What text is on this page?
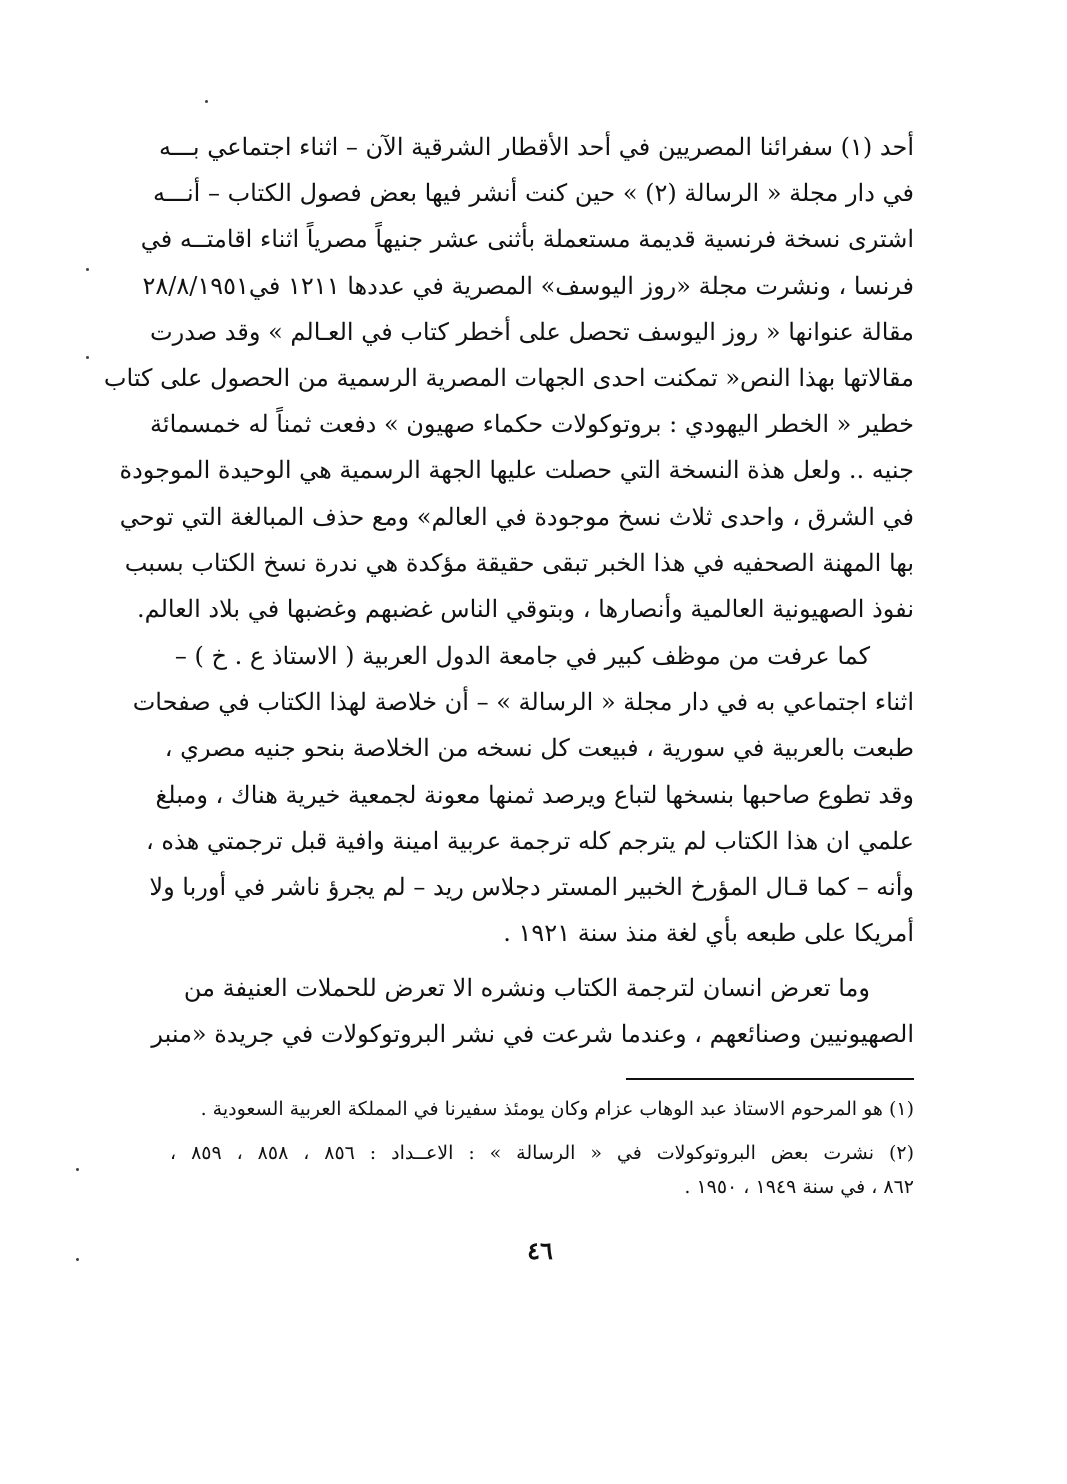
أحد (١) سفرائنا المصريين في أحد الأقطار الشرقية الآن – اثناء اجتماعي بـــه
في دار مجلة « الرسالة (٢) » حين كنت أنشر فيها بعض فصول الكتاب – أنـــه
اشترى نسخة فرنسية قديمة مستعملة بأثنى عشر جنيهاً مصرياً اثناء اقامتــه في
فرنسا ، ونشرت مجلة «روز اليوسف» المصرية في عددها ١٢١١ في٢٨/٨/١٩٥١
مقالة عنوانها « روز اليوسف تحصل على أخطر كتاب في العـالم » وقد صدرت
مقالاتها بهذا النص« تمكنت احدى الجهات المصرية الرسمية من الحصول على كتاب
خطير « الخطر اليهودي : بروتوكولات حكماء صهيون » دفعت ثمناً له خمسمائة
جنيه .. ولعل هذة النسخة التي حصلت عليها الجهة الرسمية هي الوحيدة الموجودة
في الشرق ، واحدى ثلاث نسخ موجودة في العالم» ومع حذف المبالغة التي توحي
بها المهنة الصحفيه في هذا الخبر تبقى حقيقة مؤكدة هي ندرة نسخ الكتاب بسبب
نفوذ الصهيونية العالمية وأنصارها ، وبتوقي الناس غضبهم وغضبها في بلاد العالم.
كما عرفت من موظف كبير في جامعة الدول العربية ( الاستاذ ع . خ ) –
اثناء اجتماعي به في دار مجلة « الرسالة » – أن خلاصة لهذا الكتاب في صفحات
طبعت بالعربية في سورية ، فبيعت كل نسخه من الخلاصة بنحو جنيه مصري ،
وقد تطوع صاحبها بنسخها لتباع ويرصد ثمنها معونة لجمعية خيرية هناك ، ومبلغ
علمي ان هذا الكتاب لم يترجم كله ترجمة عربية امينة وافية قبل ترجمتي هذه ،
وأنه – كما قـال المؤرخ الخبير المستر دجلاس ريد – لم يجرؤ ناشر في أوربا ولا
أمريكا على طبعه بأي لغة منذ سنة ١٩٢١ .
وما تعرض انسان لترجمة الكتاب ونشره الا تعرض للحملات العنيفة من
الصهيونيين وصنائعهم ، وعندما شرعت في نشر البروتوكولات في جريدة «منبر
(١) هو المرحوم الاستاذ عبد الوهاب عزام وكان يومئذ سفيرنا في المملكة العربية السعودية .
(٢) نشرت بعض البروتوكولات في « الرسالة » : الاعــداد : ٨٥٦ ، ٨٥٨ ، ٨٥٩ ،
٨٦٢ ، في سنة ١٩٤٩ ، ١٩٥٠ .
٤٦
